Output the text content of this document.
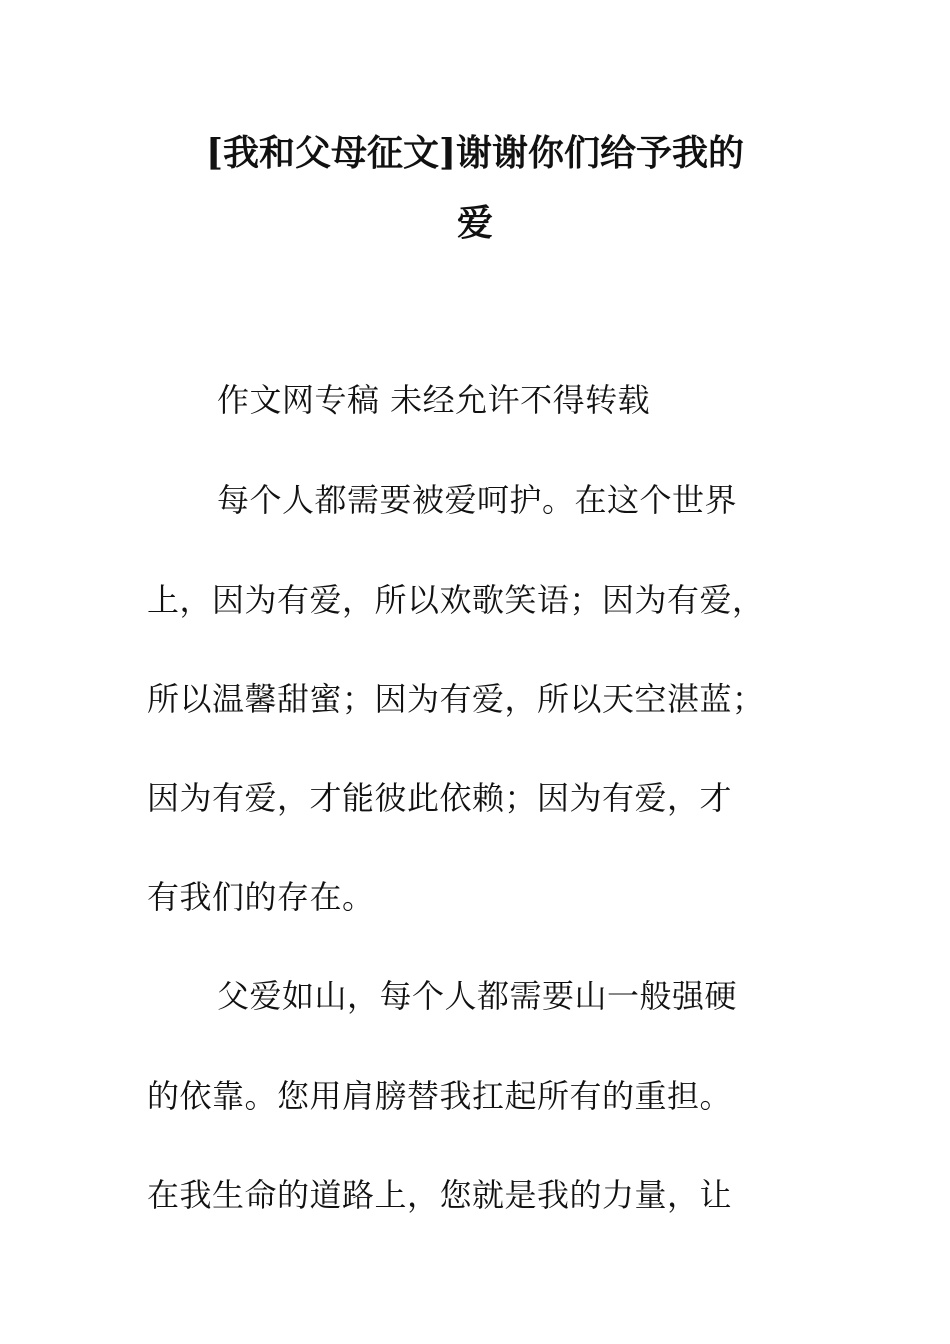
[我和父母征文]谢谢你们给予我的
爱
作文网专稿 未经允许不得转载
每个人都需要被爱呵护。在这个世界
上，因为有爱，所以欢歌笑语；因为有爱，
所以温馨甜蜜；因为有爱，所以天空湛蓝；
因为有爱，才能彼此依赖；因为有爱，才
有我们的存在。
父爱如山，每个人都需要山一般强硬
的依靠。您用肩膀替我扛起所有的重担。
在我生命的道路上，您就是我的力量，让
